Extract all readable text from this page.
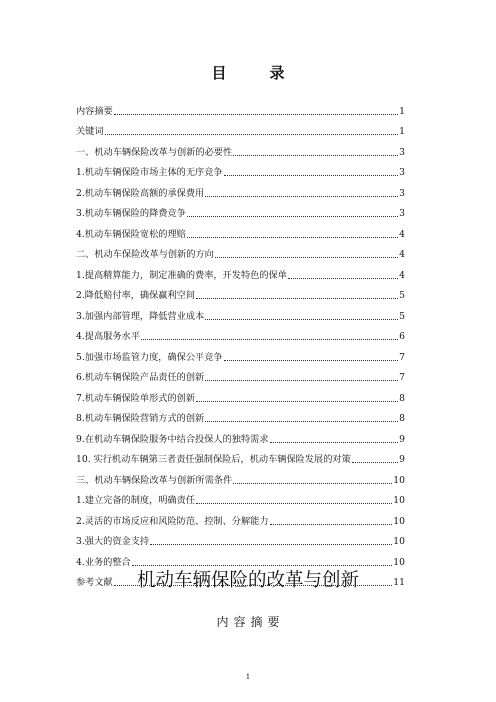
目　录
内容摘要	1
关键词	1
一、机动车辆保险改革与创新的必要性	3
1.机动车辆保险市场主体的无序竞争	3
2.机动车辆保险高额的承保费用	3
3.机动车辆保险的降费竞争	3
4.机动车辆保险宽松的理赔	4
二、机动车保险改革与创新的方向	4
1.提高精算能力，制定准确的费率，开发特色的保单	4
2.降低赔付率，确保赢利空间	5
3.加强内部管理，降低营业成本	5
4.提高服务水平	6
5.加强市场监管力度，确保公平竞争	7
6.机动车辆保险产品责任的创新	7
7.机动车辆保险单形式的创新	8
8.机动车辆保险营销方式的创新	8
9.在机动车辆保险服务中结合投保人的独特需求	9
10. 实行机动车辆第三者责任强制保险后，机动车辆保险发展的对策	9
三、机动车辆保险改革与创新所需条件	10
1.建立完备的制度，明确责任	10
2.灵活的市场反应和风险防范、控制、分解能力	10
3.强大的资金支持	10
4.业务的整合	10
参考文献	11
机动车辆保险的改革与创新
内容摘要
1
